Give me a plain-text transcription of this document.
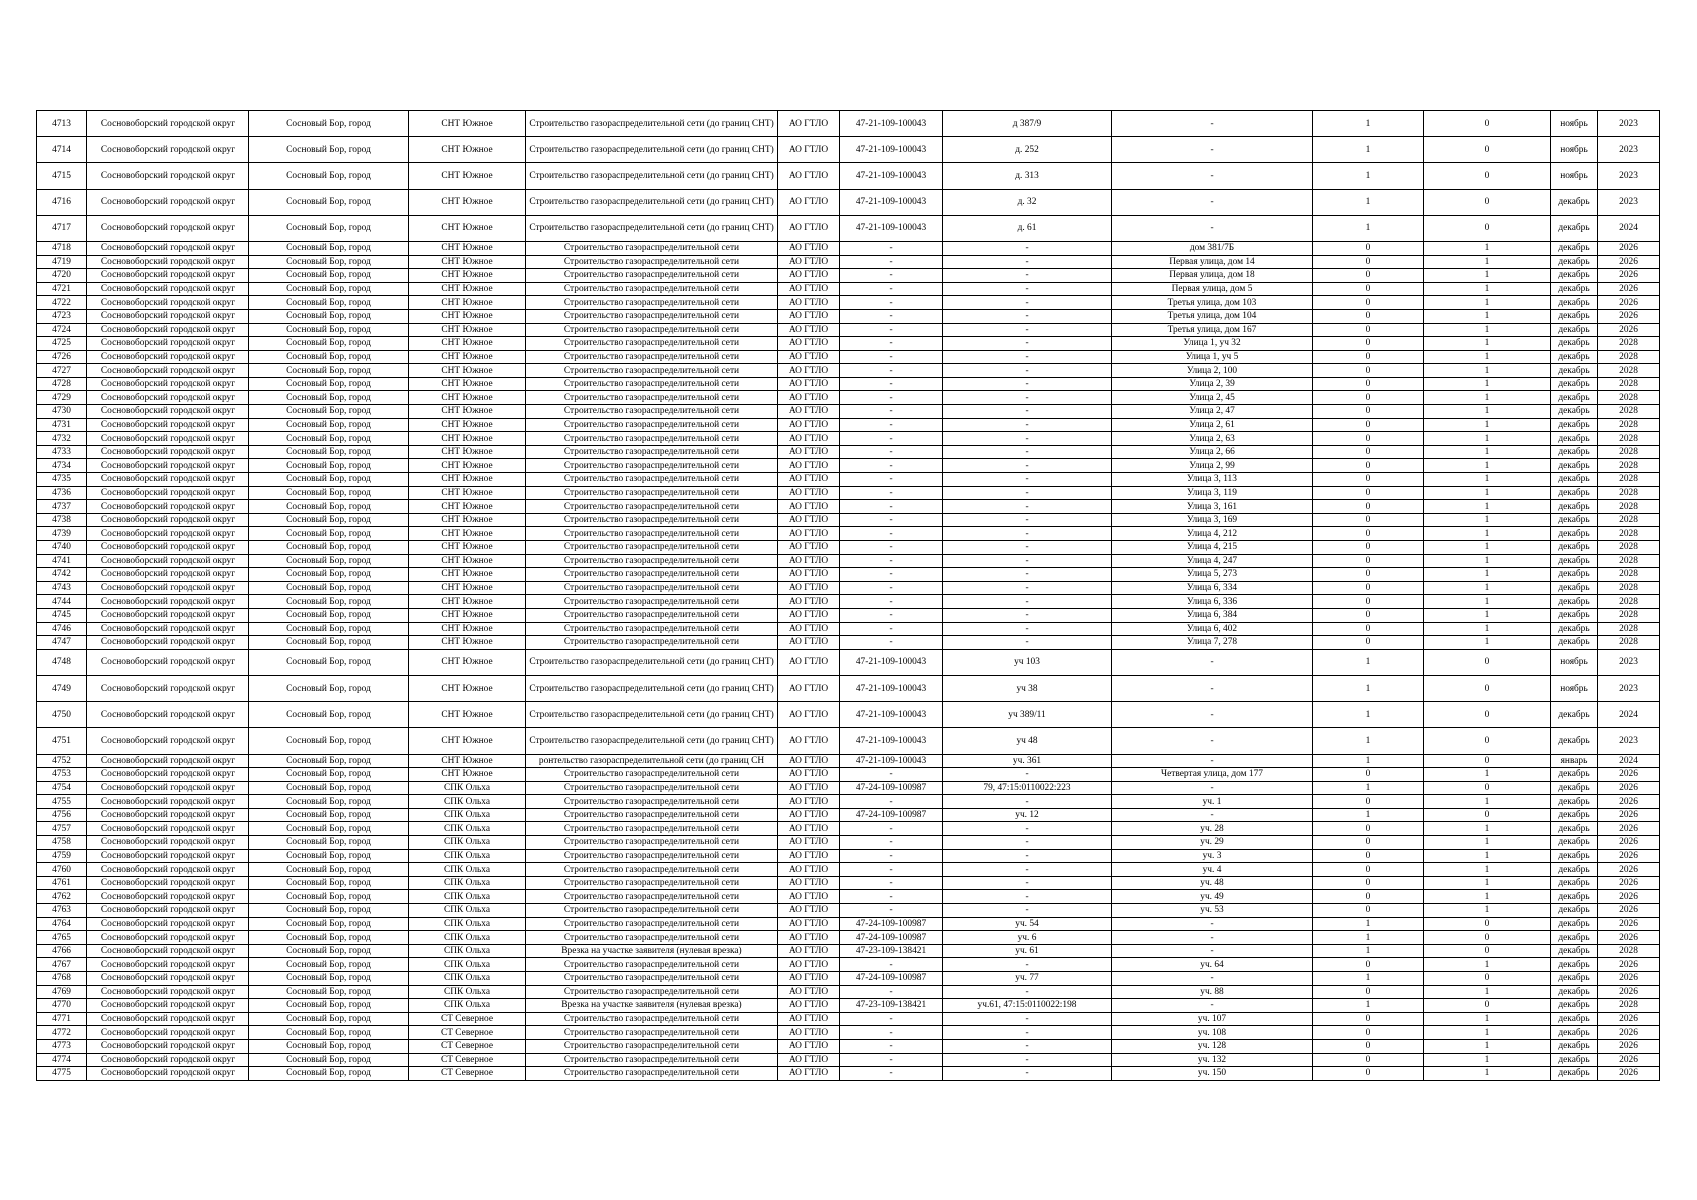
4713	Сосновоборский городской округ	Сосновый Бор, город	СНТ Южное	Строительство газораспределительной сети (до границ СНТ)	АО ГТЛО	47-21-109-100043	д 387/9	-	1	0	ноябрь	2023
4714	Сосновоборский городской округ	Сосновый Бор, город	СНТ Южное	Строительство газораспределительной сети (до границ СНТ)	АО ГТЛО	47-21-109-100043	д. 252	-	1	0	ноябрь	2023
4715	Сосновоборский городской округ	Сосновый Бор, город	СНТ Южное	Строительство газораспределительной сети (до границ СНТ)	АО ГТЛО	47-21-109-100043	д. 313	-	1	0	ноябрь	2023
4716	Сосновоборский городской округ	Сосновый Бор, город	СНТ Южное	Строительство газораспределительной сети (до границ СНТ)	АО ГТЛО	47-21-109-100043	д. 32	-	1	0	декабрь	2023
4717	Сосновоборский городской округ	Сосновый Бор, город	СНТ Южное	Строительство газораспределительной сети (до границ СНТ)	АО ГТЛО	47-21-109-100043	д. 61	-	1	0	декабрь	2024
4718	Сосновоборский городской округ	Сосновый Бор, город	СНТ Южное	Строительство газораспределительной сети	АО ГТЛО	-	-	дом 381/7Б	0	1	декабрь	2026
4719	Сосновоборский городской округ	Сосновый Бор, город	СНТ Южное	Строительство газораспределительной сети	АО ГТЛО	-	-	Первая улица, дом 14	0	1	декабрь	2026
4720	Сосновоборский городской округ	Сосновый Бор, город	СНТ Южное	Строительство газораспределительной сети	АО ГТЛО	-	-	Первая улица, дом 18	0	1	декабрь	2026
4721	Сосновоборский городской округ	Сосновый Бор, город	СНТ Южное	Строительство газораспределительной сети	АО ГТЛО	-	-	Первая улица, дом 5	0	1	декабрь	2026
4722	Сосновоборский городской округ	Сосновый Бор, город	СНТ Южное	Строительство газораспределительной сети	АО ГТЛО	-	-	Третья улица, дом 103	0	1	декабрь	2026
4723	Сосновоборский городской округ	Сосновый Бор, город	СНТ Южное	Строительство газораспределительной сети	АО ГТЛО	-	-	Третья улица, дом 104	0	1	декабрь	2026
4724	Сосновоборский городской округ	Сосновый Бор, город	СНТ Южное	Строительство газораспределительной сети	АО ГТЛО	-	-	Третья улица, дом 167	0	1	декабрь	2026
4725	Сосновоборский городской округ	Сосновый Бор, город	СНТ Южное	Строительство газораспределительной сети	АО ГТЛО	-	-	Улица 1, уч 32	0	1	декабрь	2028
4726	Сосновоборский городской округ	Сосновый Бор, город	СНТ Южное	Строительство газораспределительной сети	АО ГТЛО	-	-	Улица 1, уч 5	0	1	декабрь	2028
4727	Сосновоборский городской округ	Сосновый Бор, город	СНТ Южное	Строительство газораспределительной сети	АО ГТЛО	-	-	Улица 2, 100	0	1	декабрь	2028
4728	Сосновоборский городской округ	Сосновый Бор, город	СНТ Южное	Строительство газораспределительной сети	АО ГТЛО	-	-	Улица 2, 39	0	1	декабрь	2028
4729	Сосновоборский городской округ	Сосновый Бор, город	СНТ Южное	Строительство газораспределительной сети	АО ГТЛО	-	-	Улица 2, 45	0	1	декабрь	2028
4730	Сосновоборский городской округ	Сосновый Бор, город	СНТ Южное	Строительство газораспределительной сети	АО ГТЛО	-	-	Улица 2, 47	0	1	декабрь	2028
4731	Сосновоборский городской округ	Сосновый Бор, город	СНТ Южное	Строительство газораспределительной сети	АО ГТЛО	-	-	Улица 2, 61	0	1	декабрь	2028
4732	Сосновоборский городской округ	Сосновый Бор, город	СНТ Южное	Строительство газораспределительной сети	АО ГТЛО	-	-	Улица 2, 63	0	1	декабрь	2028
4733	Сосновоборский городской округ	Сосновый Бор, город	СНТ Южное	Строительство газораспределительной сети	АО ГТЛО	-	-	Улица 2, 66	0	1	декабрь	2028
4734	Сосновоборский городской округ	Сосновый Бор, город	СНТ Южное	Строительство газораспределительной сети	АО ГТЛО	-	-	Улица 2, 99	0	1	декабрь	2028
4735	Сосновоборский городской округ	Сосновый Бор, город	СНТ Южное	Строительство газораспределительной сети	АО ГТЛО	-	-	Улица 3, 113	0	1	декабрь	2028
4736	Сосновоборский городской округ	Сосновый Бор, город	СНТ Южное	Строительство газораспределительной сети	АО ГТЛО	-	-	Улица 3, 119	0	1	декабрь	2028
4737	Сосновоборский городской округ	Сосновый Бор, город	СНТ Южное	Строительство газораспределительной сети	АО ГТЛО	-	-	Улица 3, 161	0	1	декабрь	2028
4738	Сосновоборский городской округ	Сосновый Бор, город	СНТ Южное	Строительство газораспределительной сети	АО ГТЛО	-	-	Улица 3, 169	0	1	декабрь	2028
4739	Сосновоборский городской округ	Сосновый Бор, город	СНТ Южное	Строительство газораспределительной сети	АО ГТЛО	-	-	Улица 4, 212	0	1	декабрь	2028
4740	Сосновоборский городской округ	Сосновый Бор, город	СНТ Южное	Строительство газораспределительной сети	АО ГТЛО	-	-	Улица 4, 215	0	1	декабрь	2028
4741	Сосновоборский городской округ	Сосновый Бор, город	СНТ Южное	Строительство газораспределительной сети	АО ГТЛО	-	-	Улица 4, 247	0	1	декабрь	2028
4742	Сосновоборский городской округ	Сосновый Бор, город	СНТ Южное	Строительство газораспределительной сети	АО ГТЛО	-	-	Улица 5, 273	0	1	декабрь	2028
4743	Сосновоборский городской округ	Сосновый Бор, город	СНТ Южное	Строительство газораспределительной сети	АО ГТЛО	-	-	Улица 6, 334	0	1	декабрь	2028
4744	Сосновоборский городской округ	Сосновый Бор, город	СНТ Южное	Строительство газораспределительной сети	АО ГТЛО	-	-	Улица 6, 336	0	1	декабрь	2028
4745	Сосновоборский городской округ	Сосновый Бор, город	СНТ Южное	Строительство газораспределительной сети	АО ГТЛО	-	-	Улица 6, 384	0	1	декабрь	2028
4746	Сосновоборский городской округ	Сосновый Бор, город	СНТ Южное	Строительство газораспределительной сети	АО ГТЛО	-	-	Улица 6, 402	0	1	декабрь	2028
4747	Сосновоборский городской округ	Сосновый Бор, город	СНТ Южное	Строительство газораспределительной сети	АО ГТЛО	-	-	Улица 7, 278	0	1	декабрь	2028
4748	Сосновоборский городской округ	Сосновый Бор, город	СНТ Южное	Строительство газораспределительной сети (до границ СНТ)	АО ГТЛО	47-21-109-100043	уч 103	-	1	0	ноябрь	2023
4749	Сосновоборский городской округ	Сосновый Бор, город	СНТ Южное	Строительство газораспределительной сети (до границ СНТ)	АО ГТЛО	47-21-109-100043	уч 38	-	1	0	ноябрь	2023
4750	Сосновоборский городской округ	Сосновый Бор, город	СНТ Южное	Строительство газораспределительной сети (до границ СНТ)	АО ГТЛО	47-21-109-100043	уч 389/11	-	1	0	декабрь	2024
4751	Сосновоборский городской округ	Сосновый Бор, город	СНТ Южное	Строительство газораспределительной сети (до границ СНТ)	АО ГТЛО	47-21-109-100043	уч 48	-	1	0	декабрь	2023
4752	Сосновоборский городской округ	Сосновый Бор, город	СНТ Южное	ронтельство газораспределительной сети (до границ СН	АО ГТЛО	47-21-109-100043	уч. 361	-	1	0	январь	2024
4753	Сосновоборский городской округ	Сосновый Бор, город	СНТ Южное	Строительство газораспределительной сети	АО ГТЛО	-	-	Четвертая улица, дом 177	0	1	декабрь	2026
4754	Сосновоборский городской округ	Сосновый Бор, город	СПК Ольха	Строительство газораспределительной сети	АО ГТЛО	47-24-109-100987	79, 47:15:0110022:223	-	1	0	декабрь	2026
4755	Сосновоборский городской округ	Сосновый Бор, город	СПК Ольха	Строительство газораспределительной сети	АО ГТЛО	-	-	уч. 1	0	1	декабрь	2026
4756	Сосновоборский городской округ	Сосновый Бор, город	СПК Ольха	Строительство газораспределительной сети	АО ГТЛО	47-24-109-100987	уч. 12	-	1	0	декабрь	2026
4757	Сосновоборский городской округ	Сосновый Бор, город	СПК Ольха	Строительство газораспределительной сети	АО ГТЛО	-	-	уч. 28	0	1	декабрь	2026
4758	Сосновоборский городской округ	Сосновый Бор, город	СПК Ольха	Строительство газораспределительной сети	АО ГТЛО	-	-	уч. 29	0	1	декабрь	2026
4759	Сосновоборский городской округ	Сосновый Бор, город	СПК Ольха	Строительство газораспределительной сети	АО ГТЛО	-	-	уч. 3	0	1	декабрь	2026
4760	Сосновоборский городской округ	Сосновый Бор, город	СПК Ольха	Строительство газораспределительной сети	АО ГТЛО	-	-	уч. 4	0	1	декабрь	2026
4761	Сосновоборский городской округ	Сосновый Бор, город	СПК Ольха	Строительство газораспределительной сети	АО ГТЛО	-	-	уч. 48	0	1	декабрь	2026
4762	Сосновоборский городской округ	Сосновый Бор, город	СПК Ольха	Строительство газораспределительной сети	АО ГТЛО	-	-	уч. 49	0	1	декабрь	2026
4763	Сосновоборский городской округ	Сосновый Бор, город	СПК Ольха	Строительство газораспределительной сети	АО ГТЛО	-	-	уч. 53	0	1	декабрь	2026
4764	Сосновоборский городской округ	Сосновый Бор, город	СПК Ольха	Строительство газораспределительной сети	АО ГТЛО	47-24-109-100987	уч. 54	-	1	0	декабрь	2026
4765	Сосновоборский городской округ	Сосновый Бор, город	СПК Ольха	Строительство газораспределительной сети	АО ГТЛО	47-24-109-100987	уч. 6	-	1	0	декабрь	2026
4766	Сосновоборский городской округ	Сосновый Бор, город	СПК Ольха	Врезка на участке заявителя (нулевая врезка)	АО ГТЛО	47-23-109-138421	уч. 61	-	1	0	декабрь	2028
4767	Сосновоборский городской округ	Сосновый Бор, город	СПК Ольха	Строительство газораспределительной сети	АО ГТЛО	-	-	уч. 64	0	1	декабрь	2026
4768	Сосновоборский городской округ	Сосновый Бор, город	СПК Ольха	Строительство газораспределительной сети	АО ГТЛО	47-24-109-100987	уч. 77	-	1	0	декабрь	2026
4769	Сосновоборский городской округ	Сосновый Бор, город	СПК Ольха	Строительство газораспределительной сети	АО ГТЛО	-	-	уч. 88	0	1	декабрь	2026
4770	Сосновоборский городской округ	Сосновый Бор, город	СПК Ольха	Врезка на участке заявителя (нулевая врезка)	АО ГТЛО	47-23-109-138421	уч.61, 47:15:0110022:198	-	1	0	декабрь	2028
4771	Сосновоборский городской округ	Сосновый Бор, город	СТ Северное	Строительство газораспределительной сети	АО ГТЛО	-	-	уч. 107	0	1	декабрь	2026
4772	Сосновоборский городской округ	Сосновый Бор, город	СТ Северное	Строительство газораспределительной сети	АО ГТЛО	-	-	уч. 108	0	1	декабрь	2026
4773	Сосновоборский городской округ	Сосновый Бор, город	СТ Северное	Строительство газораспределительной сети	АО ГТЛО	-	-	уч. 128	0	1	декабрь	2026
4774	Сосновоборский городской округ	Сосновый Бор, город	СТ Северное	Строительство газораспределительной сети	АО ГТЛО	-	-	уч. 132	0	1	декабрь	2026
4775	Сосновоборский городской округ	Сосновый Бор, город	СТ Северное	Строительство газораспределительной сети	АО ГТЛО	-	-	уч. 150	0	1	декабрь	2026
